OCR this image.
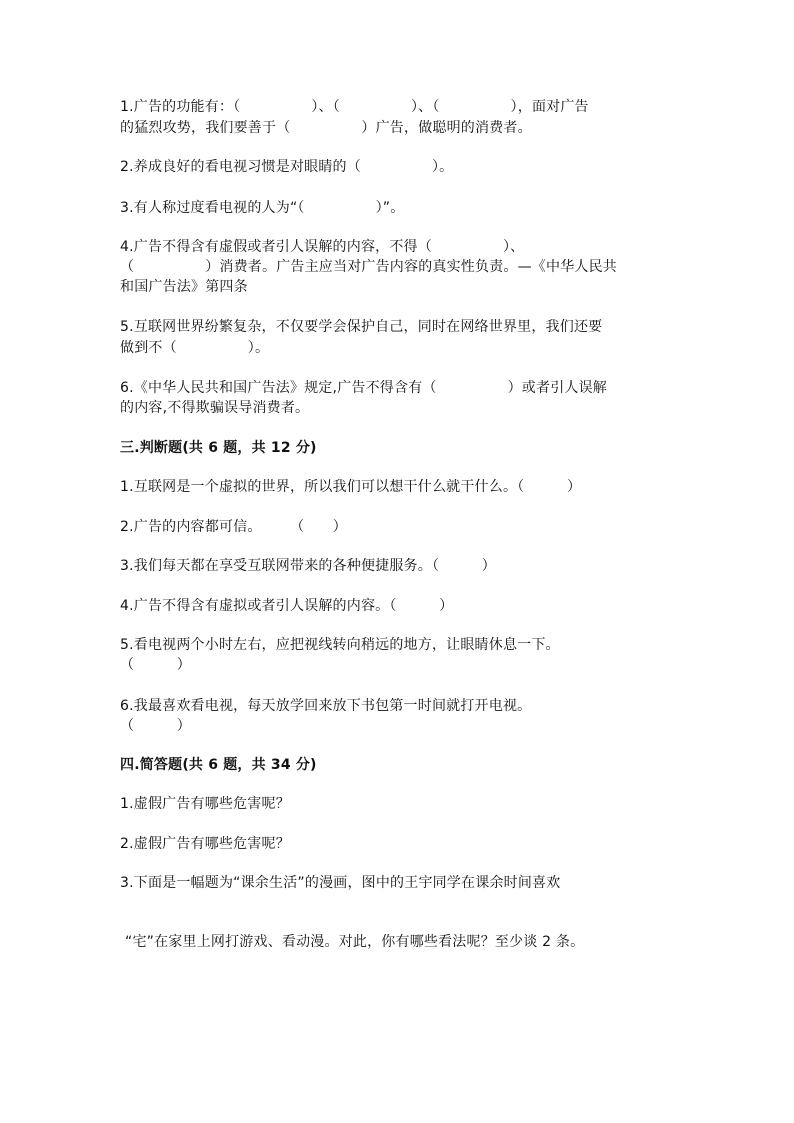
1.广告的功能有：（　　　　　）、（　　　　　）、（　　　　　），面对广告
的猛烈攻势，我们要善于（　　　　　）广告，做聪明的消费者。
2.养成良好的看电视习惯是对眼睛的（　　　　　）。
3.有人称过度看电视的人为“（　　　　　）”。
4.广告不得含有虚假或者引人误解的内容，不得（　　　　　）、
（　　　　　）消费者。广告主应当对广告内容的真实性负责。—《中华人民共
和国广告法》第四条
5.互联网世界纷繁复杂，不仅要学会保护自己，同时在网络世界里，我们还要
做到不（　　　　　）。
6.《中华人民共和国广告法》规定,广告不得含有（　　　　　）或者引人误解
的内容,不得欺骗误导消费者。
三.判断题(共 6 题，共 12 分)
1.互联网是一个虚拟的世界，所以我们可以想干什么就干什么。（　　　）
2.广告的内容都可信。　　　（　　）
3.我们每天都在享受互联网带来的各种便捷服务。（　　　）
4.广告不得含有虚拟或者引人误解的内容。（　　　）
5.看电视两个小时左右，应把视线转向稍远的地方，让眼睛休息一下。
（　　　）
6.我最喜欢看电视，每天放学回来放下书包第一时间就打开电视。
（　　　）
四.简答题(共 6 题，共 34 分)
1.虚假广告有哪些危害呢？
2.虚假广告有哪些危害呢？
3.下面是一幅题为“课余生活”的漫画，图中的王宇同学在课余时间喜欢
“宅”在家里上网打游戏、看动漫。对此，你有哪些看法呢？至少谈 2 条。
